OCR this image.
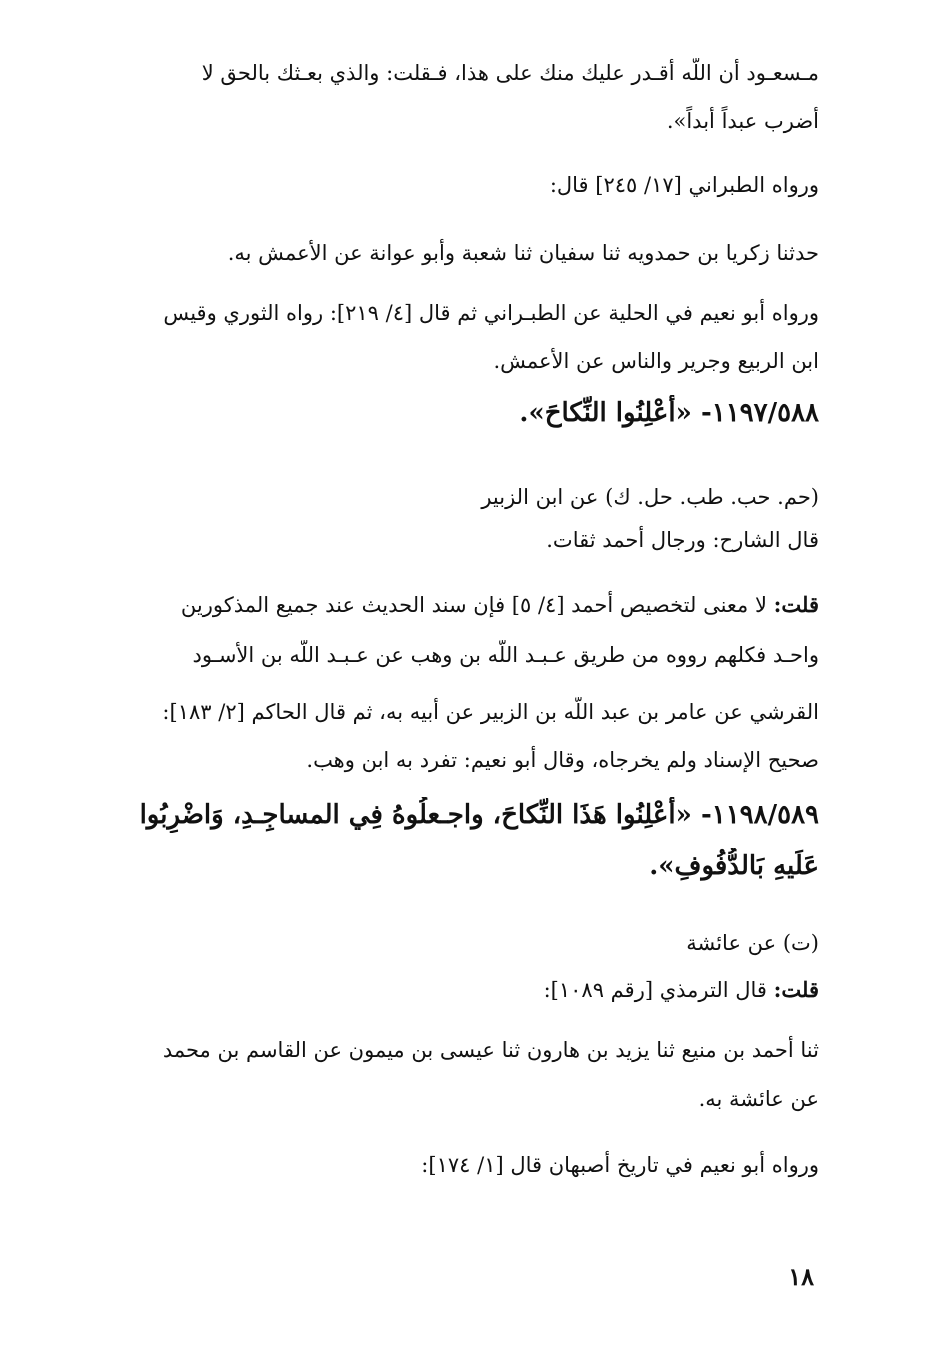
مـسعـود أن اللَّه أقـدر عليك منك على هذا، فـقلت: والذي بعـثك بالحق لا
أضرب عبداً أبداً».
ورواه الطبراني [١٧/ ٢٤٥] قال:
حدثنا زكريا بن حمدويه ثنا سفيان ثنا شعبة وأبو عوانة عن الأعمش به.
ورواه أبو نعيم في الحلية عن الطبـراني ثم قال [٤/ ٢١٩]: رواه الثوري وقيس
ابن الربيع وجرير والناس عن الأعمش.
١١٩٧/٥٨٨- «أعْلِنُوا النِّكاحَ».
(حم. حب. طب. حل. ك) عن ابن الزبير
قال الشارح: ورجال أحمد ثقات.
قلت: لا معنى لتخصيص أحمد [٤/ ٥] فإن سند الحديث عند جميع المذكورين
واحـد فكلهم رووه من طريق عـبـد اللَّه بن وهب عن عـبـد اللَّه بن الأسـود
القرشي عن عامر بن عبد اللَّه بن الزبير عن أبيه به، ثم قال الحاكم [٢/ ١٨٣]:
صحيح الإسناد ولم يخرجاه، وقال أبو نعيم: تفرد به ابن وهب.
١١٩٨/٥٨٩- «أعْلِنُوا هَذَا النِّكاحَ، واجـعلُوهُ فِي المساجِـدِ، وَاضْرِبُوا
عَلَيهِ بَالدُّفُوفِ».
(ت) عن عائشة
قلت: قال الترمذي [رقم ١٠٨٩]:
ثنا أحمد بن منيع ثنا يزيد بن هارون ثنا عيسى بن ميمون عن القاسم بن محمد
عن عائشة به.
ورواه أبو نعيم في تاريخ أصبهان قال [١/ ١٧٤]:
١٨
